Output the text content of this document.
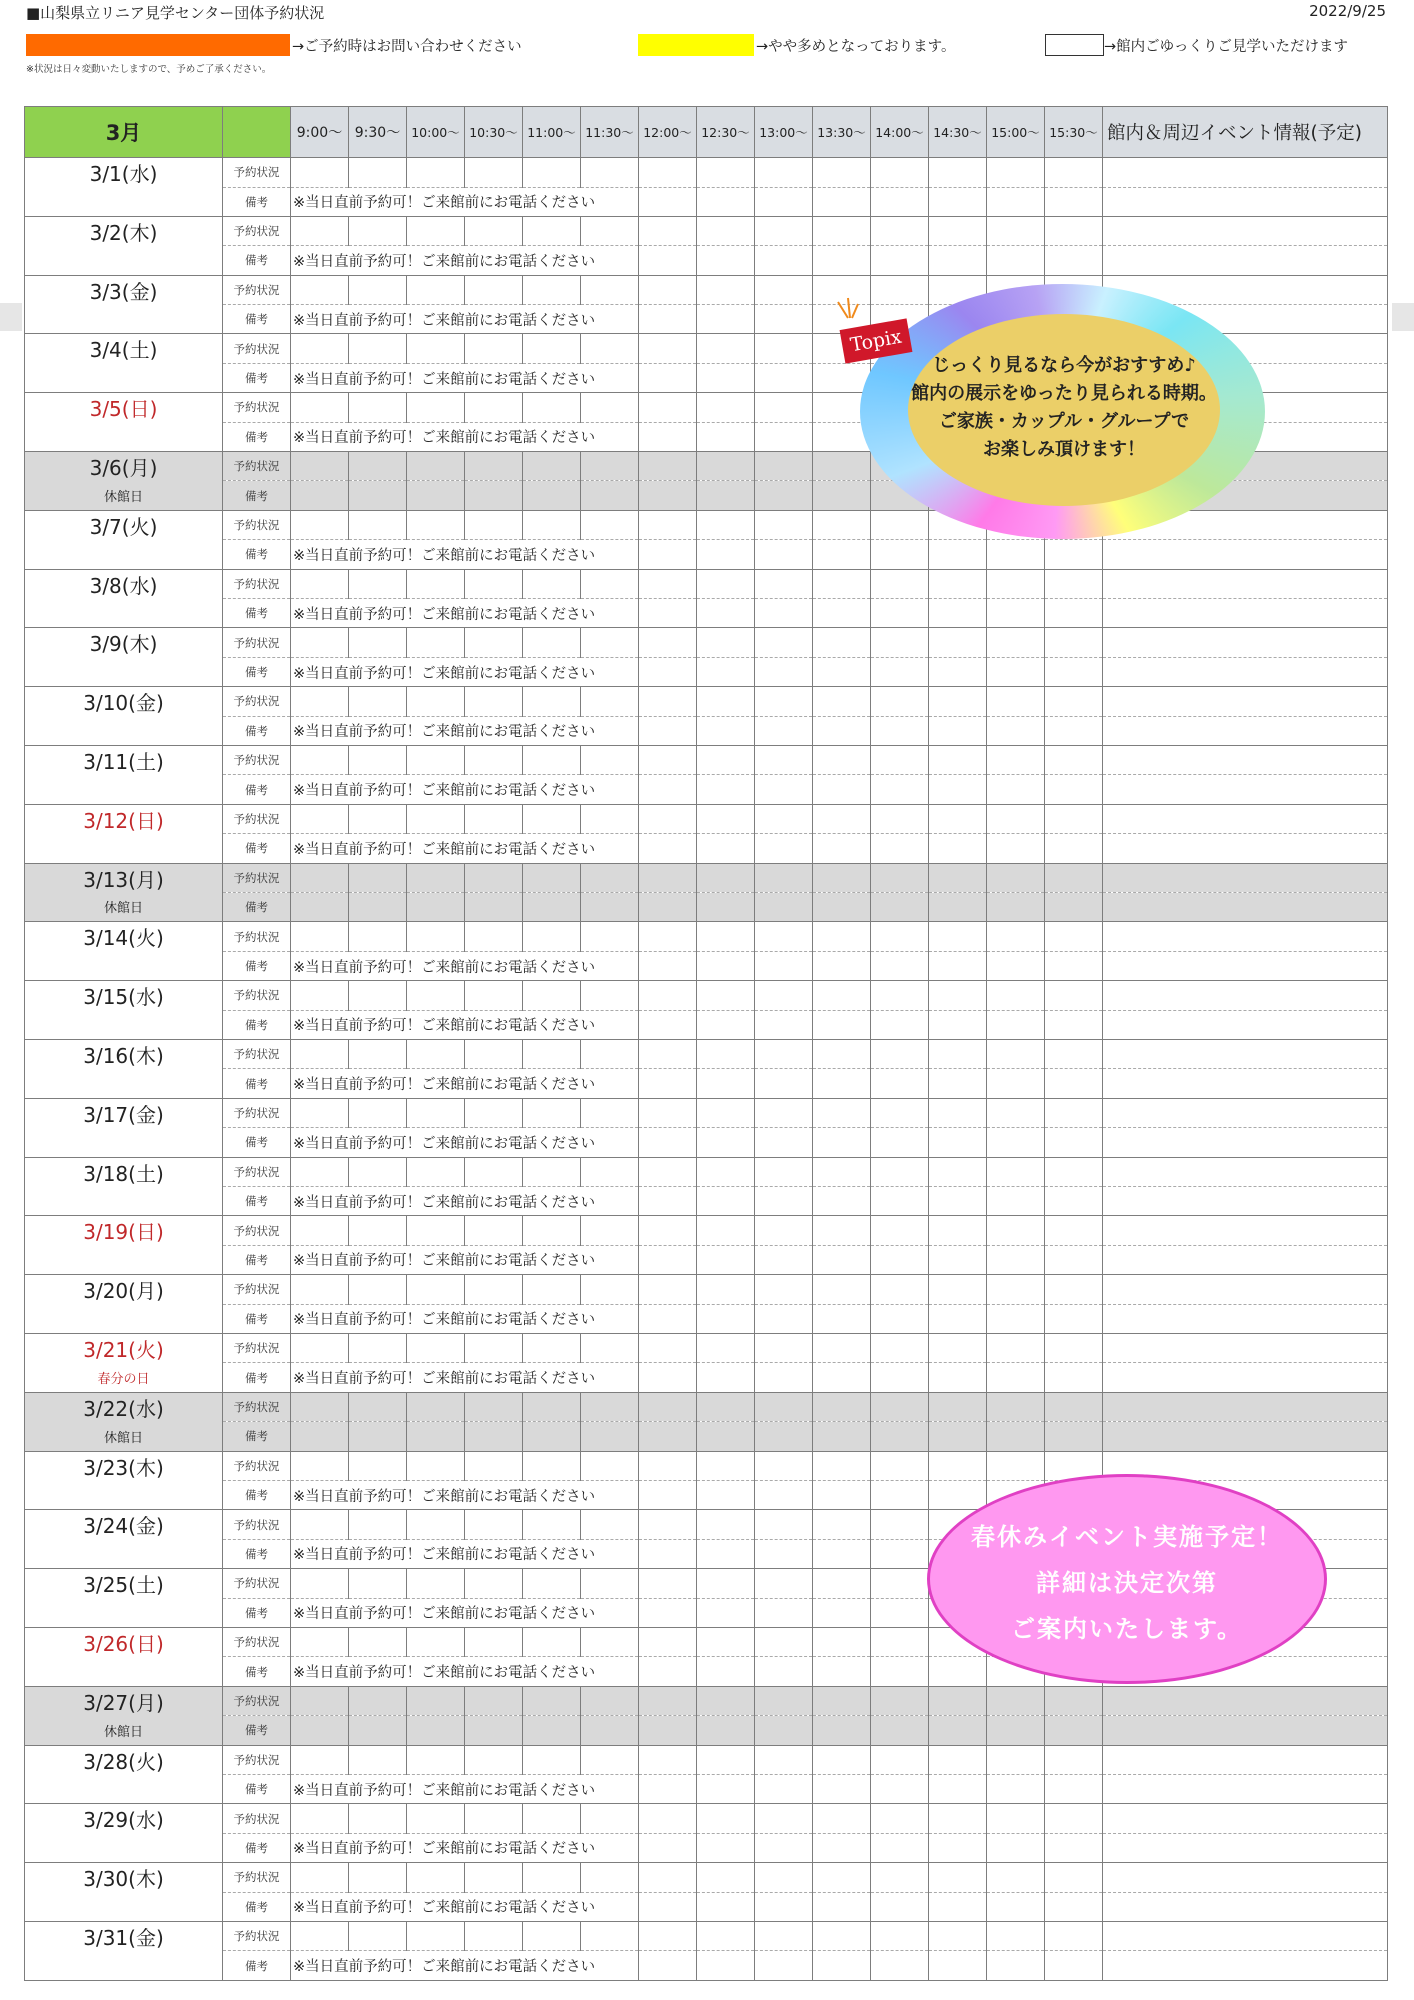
■山梨県立リニア見学センター団体予約状況	2022/9/25
→ご予約時はお問い合わせください	→やや多めとなっております。	→館内ごゆっくりご見学いただけます
※状況は日々変動いたしますので、予めご了承ください。
3月		9:00〜	9:30〜	10:00〜	10:30〜	11:00〜	11:30〜	12:00〜	12:30〜	13:00〜	13:30〜	14:00〜	14:30〜	15:00〜	15:30〜	館内＆周辺イベント情報(予定)
3/1(水)	予約状況															
	備考	※当日直前予約可！ご来館前にお電話ください														
3/2(木)	予約状況															
	備考	※当日直前予約可！ご来館前にお電話ください														
3/3(金)	予約状況															
	備考	※当日直前予約可！ご来館前にお電話ください														
3/4(土)	予約状況															
	備考	※当日直前予約可！ご来館前にお電話ください														
3/5(日)	予約状況															
	備考	※当日直前予約可！ご来館前にお電話ください														
3/6(月)	予約状況															
休館日	備考															
3/7(火)	予約状況															
	備考	※当日直前予約可！ご来館前にお電話ください														
3/8(水)	予約状況															
	備考	※当日直前予約可！ご来館前にお電話ください														
3/9(木)	予約状況															
	備考	※当日直前予約可！ご来館前にお電話ください														
3/10(金)	予約状況															
	備考	※当日直前予約可！ご来館前にお電話ください														
3/11(土)	予約状況															
	備考	※当日直前予約可！ご来館前にお電話ください														
3/12(日)	予約状況															
	備考	※当日直前予約可！ご来館前にお電話ください														
3/13(月)	予約状況															
休館日	備考															
3/14(火)	予約状況															
	備考	※当日直前予約可！ご来館前にお電話ください														
3/15(水)	予約状況															
	備考	※当日直前予約可！ご来館前にお電話ください														
3/16(木)	予約状況															
	備考	※当日直前予約可！ご来館前にお電話ください														
3/17(金)	予約状況															
	備考	※当日直前予約可！ご来館前にお電話ください														
3/18(土)	予約状況															
	備考	※当日直前予約可！ご来館前にお電話ください														
3/19(日)	予約状況															
	備考	※当日直前予約可！ご来館前にお電話ください														
3/20(月)	予約状況															
	備考	※当日直前予約可！ご来館前にお電話ください														
3/21(火)	予約状況															
春分の日	備考	※当日直前予約可！ご来館前にお電話ください														
3/22(水)	予約状況															
休館日	備考															
3/23(木)	予約状況															
	備考	※当日直前予約可！ご来館前にお電話ください														
3/24(金)	予約状況															
	備考	※当日直前予約可！ご来館前にお電話ください														
3/25(土)	予約状況															
	備考	※当日直前予約可！ご来館前にお電話ください														
3/26(日)	予約状況															
	備考	※当日直前予約可！ご来館前にお電話ください														
3/27(月)	予約状況															
休館日	備考															
3/28(火)	予約状況															
	備考	※当日直前予約可！ご来館前にお電話ください														
3/29(水)	予約状況															
	備考	※当日直前予約可！ご来館前にお電話ください														
3/30(木)	予約状況															
	備考	※当日直前予約可！ご来館前にお電話ください														
3/31(金)	予約状況															
	備考	※当日直前予約可！ご来館前にお電話ください														
Topix
じっくり見るなら今がおすすめ♪
館内の展示をゆったり見られる時期。
ご家族・カップル・グループで
お楽しみ頂けます！
春休みイベント実施予定！
詳細は決定次第
ご案内いたします。
